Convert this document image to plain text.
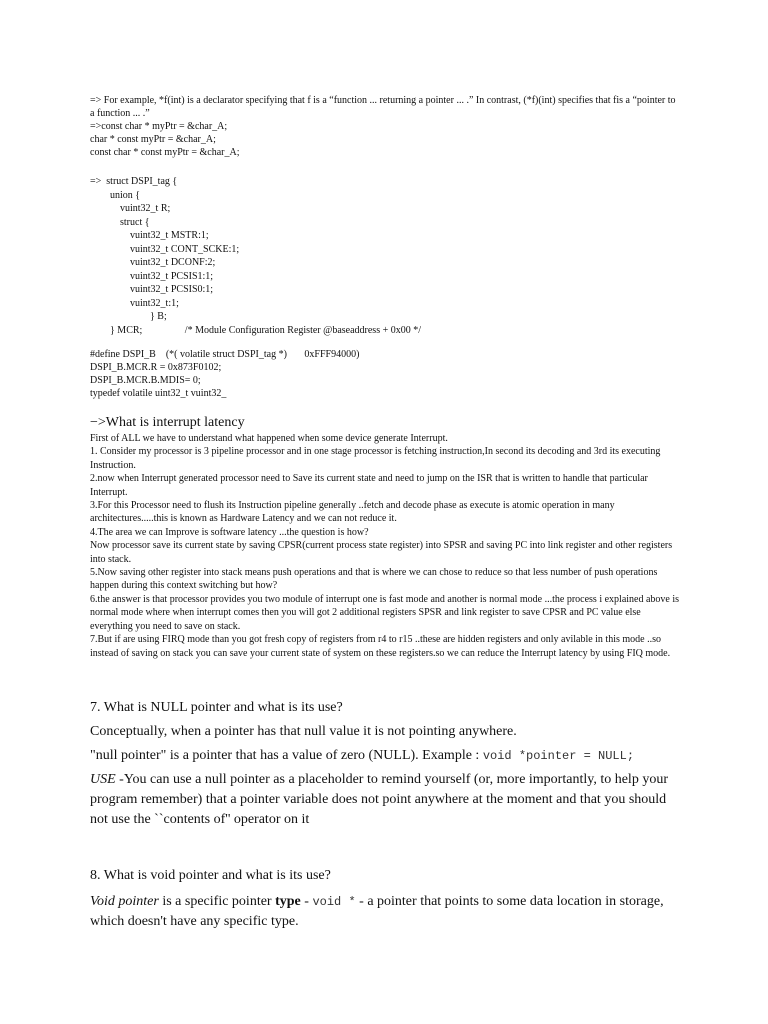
=> For example, *f(int) is a declarator specifying that f is a “function ... returning a pointer ... .” In contrast, (*f)(int) specifies that fis a “pointer to a function ... .”
=>const char * myPtr = &char_A;
char * const myPtr = &char_A;
const char * const myPtr = &char_A;
=>  struct DSPI_tag {
union {
vuint32_t R;
struct {
vuint32_t MSTR:1;
vuint32_t CONT_SCKE:1;
vuint32_t DCONF:2;
vuint32_t PCSIS1:1;
vuint32_t PCSIS0:1;
vuint32_t:1;
} B;
} MCR;                 /* Module Configuration Register @baseaddress + 0x00 */
#define DSPI_B    (*( volatile struct DSPI_tag *)       0xFFF94000)
DSPI_B.MCR.R = 0x873F0102;
DSPI_B.MCR.B.MDIS= 0;
typedef volatile uint32_t vuint32_
−>What is interrupt latency
First of ALL we have to understand what happened when some device generate Interrupt.
1. Consider my processor is 3 pipeline processor and in one stage processor is fetching instruction,In second its decoding and 3rd its executing Instruction.
2.now when Interrupt generated processor need to Save its current state and need to jump on the ISR that is written to handle that particular Interrupt.
3.For this Processor need to flush its Instruction pipeline generally ..fetch and decode phase as execute is atomic operation in many architectures.....this is known as Hardware Latency and we can not reduce it.
4.The area we can Improve is software latency ...the question is how?
Now processor save its current state by saving CPSR(current process state register) into SPSR and saving PC into link register and other registers into stack.
5.Now saving other register into stack means push operations and that is where we can chose to reduce so that less number of push operations happen during this context switching but how?
6.the answer is that processor provides you two module of interrupt one is fast mode and another is normal mode ...the process i explained above is normal mode where when interrupt comes then you will got 2 additional registers SPSR and link register to save CPSR and PC value else everything you need to save on stack.
7.But if are using FIRQ mode than you got fresh copy of registers from r4 to r15 ..these are hidden registers and only avilable in this mode ..so instead of saving on stack you can save your current state of system on these registers.so we can reduce the Interrupt latency by using FIQ mode.
7. What is NULL pointer and what is its use?
Conceptually, when a pointer has that null value it is not pointing anywhere.
"null pointer" is a pointer that has a value of zero (NULL). Example : void *pointer = NULL;
USE -You can use a null pointer as a placeholder to remind yourself (or, more importantly, to help your program remember) that a pointer variable does not point anywhere at the moment and that you should not use the ``contents of'' operator on it
8. What is void pointer and what is its use?
Void pointer is a specific pointer type - void * - a pointer that points to some data location in storage, which doesn't have any specific type.
